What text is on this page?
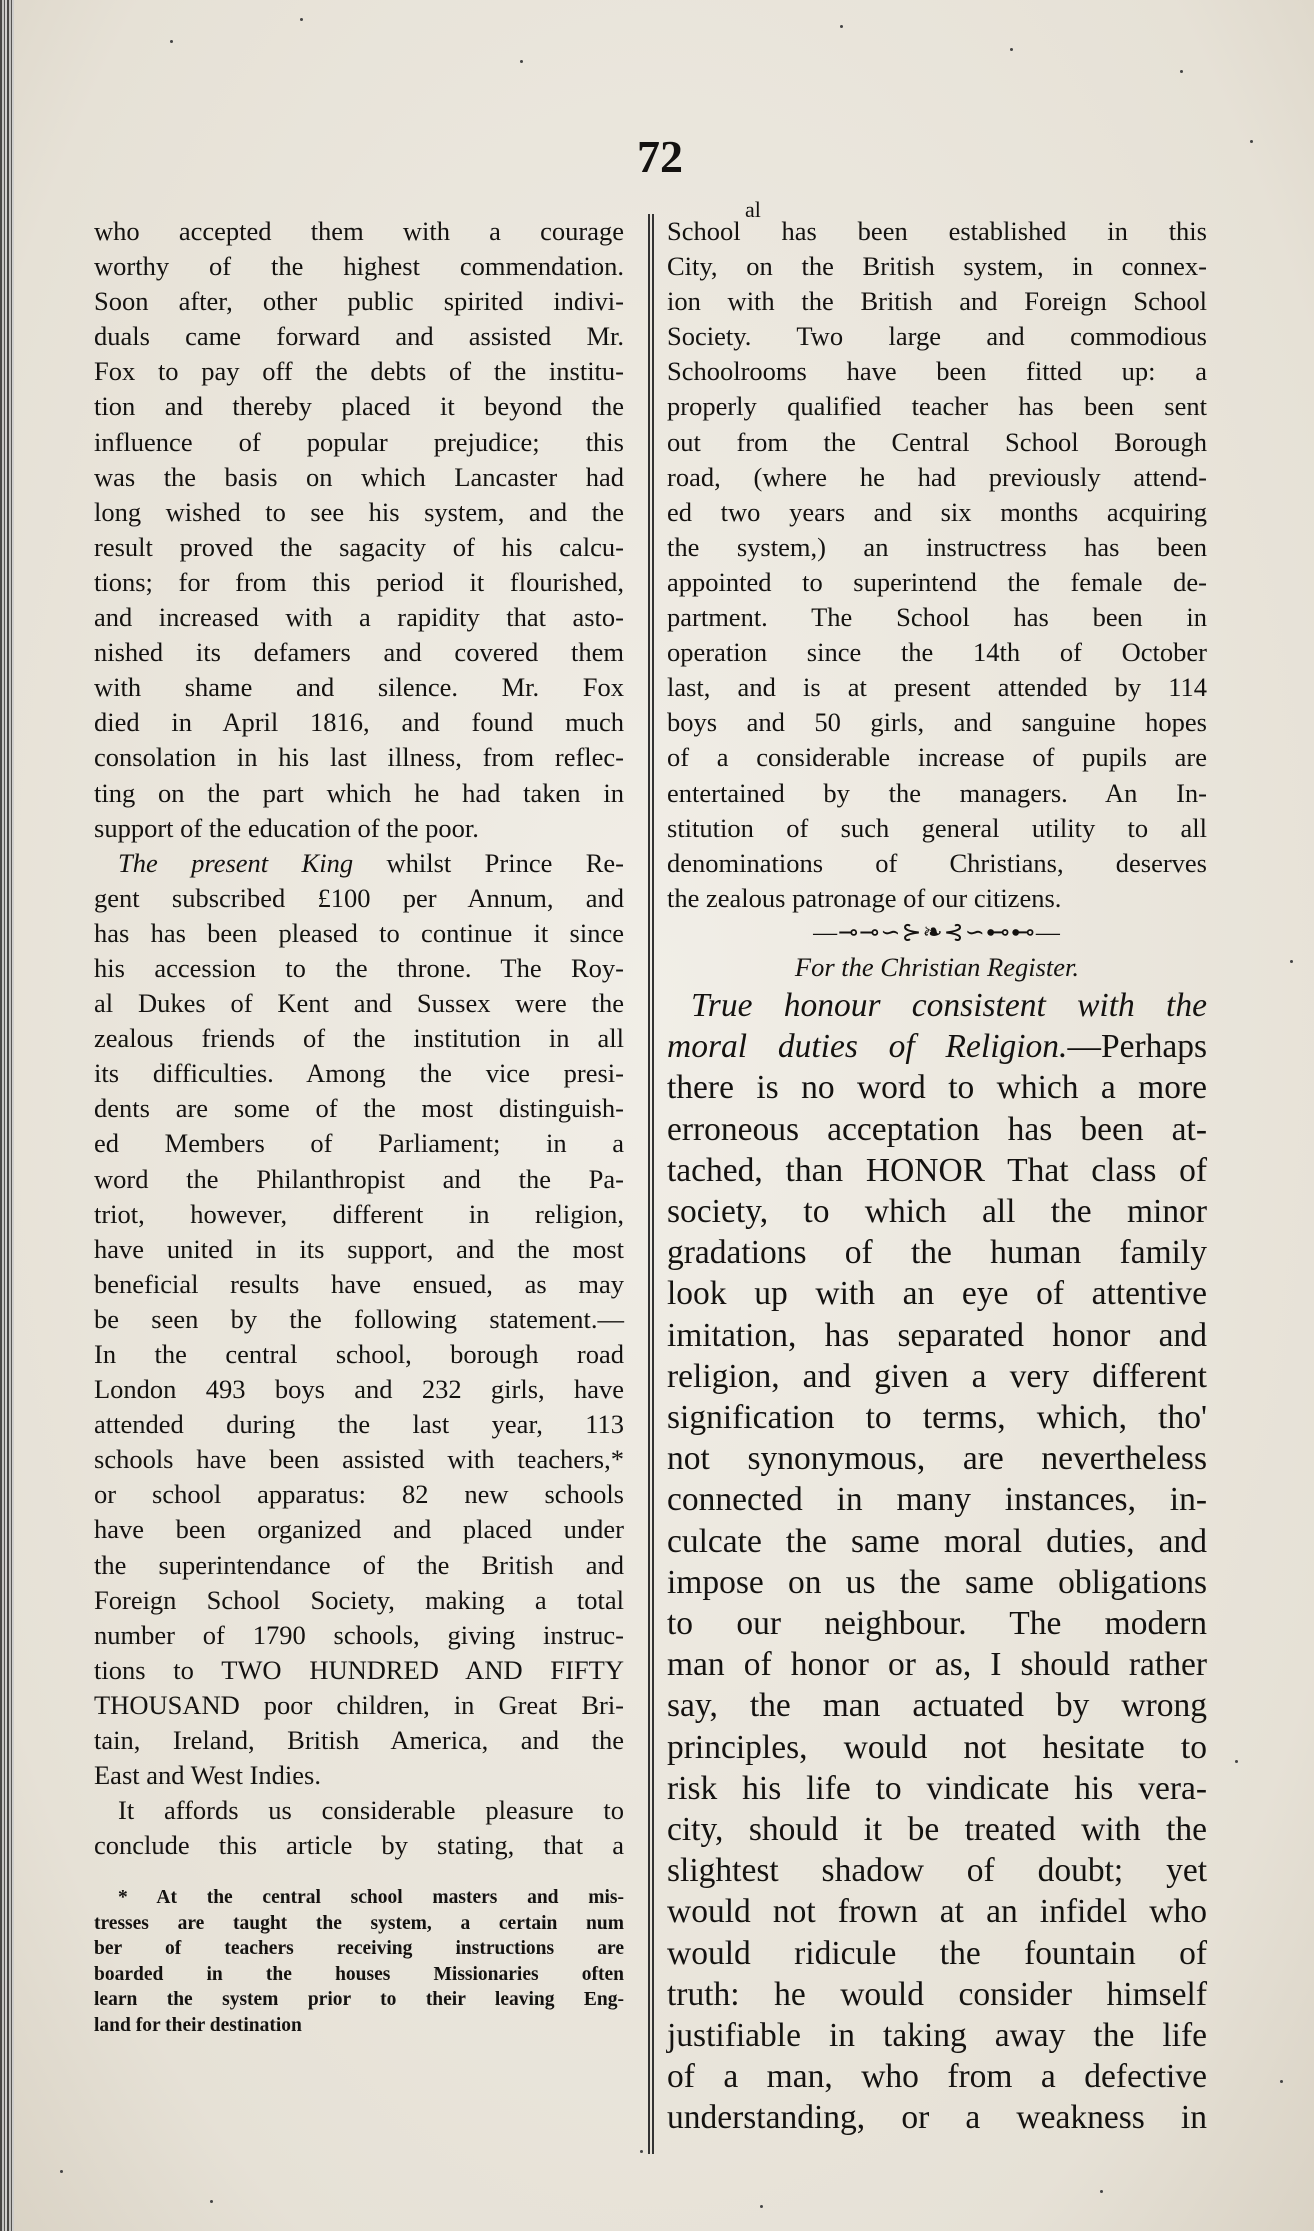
72
who accepted them with a courage
worthy of the highest commendation.
Soon after, other public spirited indivi-
duals came forward and assisted Mr.
Fox to pay off the debts of the institu-
tion and thereby placed it beyond the
influence of popular prejudice; this
was the basis on which Lancaster had
long wished to see his system, and the
result proved the sagacity of his calcu-
tions; for from this period it flourished,
and increased with a rapidity that asto-
nished its defamers and covered them
with shame and silence. Mr. Fox
died in April 1816, and found much
consolation in his last illness, from reflec-
ting on the part which he had taken in
support of the education of the poor.
The present King whilst Prince Re-
gent subscribed £100 per Annum, and
has has been pleased to continue it since
his accession to the throne. The Roy-
al Dukes of Kent and Sussex were the
zealous friends of the institution in all
its difficulties. Among the vice presi-
dents are some of the most distinguish-
ed Members of Parliament; in a
word the Philanthropist and the Pa-
triot, however, different in religion,
have united in its support, and the most
beneficial results have ensued, as may
be seen by the following statement.—
In the central school, borough road
London 493 boys and 232 girls, have
attended during the last year, 113
schools have been assisted with teachers,*
or school apparatus: 82 new schools
have been organized and placed under
the superintendance of the British and
Foreign School Society, making a total
number of 1790 schools, giving instruc-
tions to TWO HUNDRED AND FIFTY
THOUSAND poor children, in Great Bri-
tain, Ireland, British America, and the
East and West Indies.
It affords us considerable pleasure to
conclude this article by stating, that a
* At the central school masters and mis-
tresses are taught the system, a certain num
ber of teachers receiving instructions are
boarded in the houses Missionaries often
learn the system prior to their leaving Eng-
land for their destination
al
School has been established in this
City, on the British system, in connex-
ion with the British and Foreign School
Society. Two large and commodious
Schoolrooms have been fitted up: a
properly qualified teacher has been sent
out from the Central School Borough
road, (where he had previously attend-
ed two years and six months acquiring
the system,) an instructress has been
appointed to superintend the female de-
partment. The School has been in
operation since the 14th of October
last, and is at present attended by 114
boys and 50 girls, and sanguine hopes
of a considerable increase of pupils are
entertained by the managers. An In-
stitution of such general utility to all
denominations of Christians, deserves
the zealous patronage of our citizens.
—⊸⊸∽⊱❧⊰∽⊷⊷—
For the Christian Register.
True honour consistent with the
moral duties of Religion.—Perhaps
there is no word to which a more
erroneous acceptation has been at-
tached, than HONOR That class of
society, to which all the minor
gradations of the human family
look up with an eye of attentive
imitation, has separated honor and
religion, and given a very different
signification to terms, which, tho'
not synonymous, are nevertheless
connected in many instances, in-
culcate the same moral duties, and
impose on us the same obligations
to our neighbour. The modern
man of honor or as, I should rather
say, the man actuated by wrong
principles, would not hesitate to
risk his life to vindicate his vera-
city, should it be treated with the
slightest shadow of doubt; yet
would not frown at an infidel who
would ridicule the fountain of
truth: he would consider himself
justifiable in taking away the life
of a man, who from a defective
understanding, or a weakness in
